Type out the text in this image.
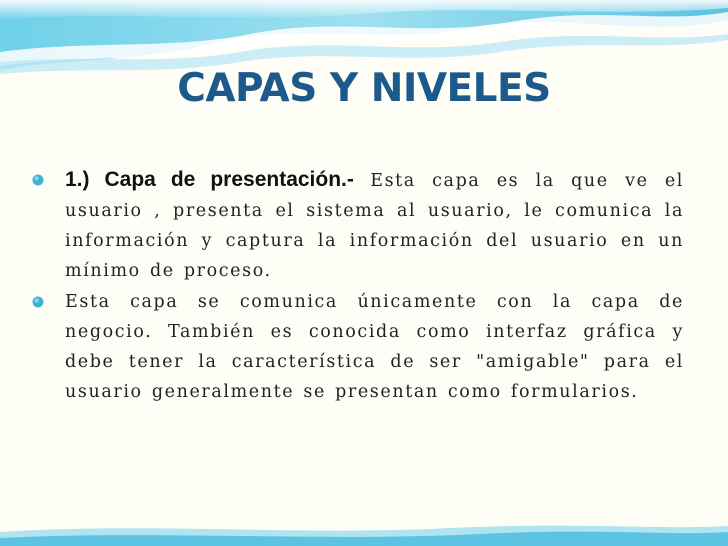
CAPAS Y NIVELES

1.) Capa de presentación.- Esta capa es la que ve el usuario , presenta el sistema al usuario, le comunica la información y captura la información del usuario en un mínimo de proceso.

Esta capa se comunica únicamente con la capa de negocio. También es conocida como interfaz gráfica y debe tener la característica de ser "amigable" para el usuario generalmente se presentan como formularios.
